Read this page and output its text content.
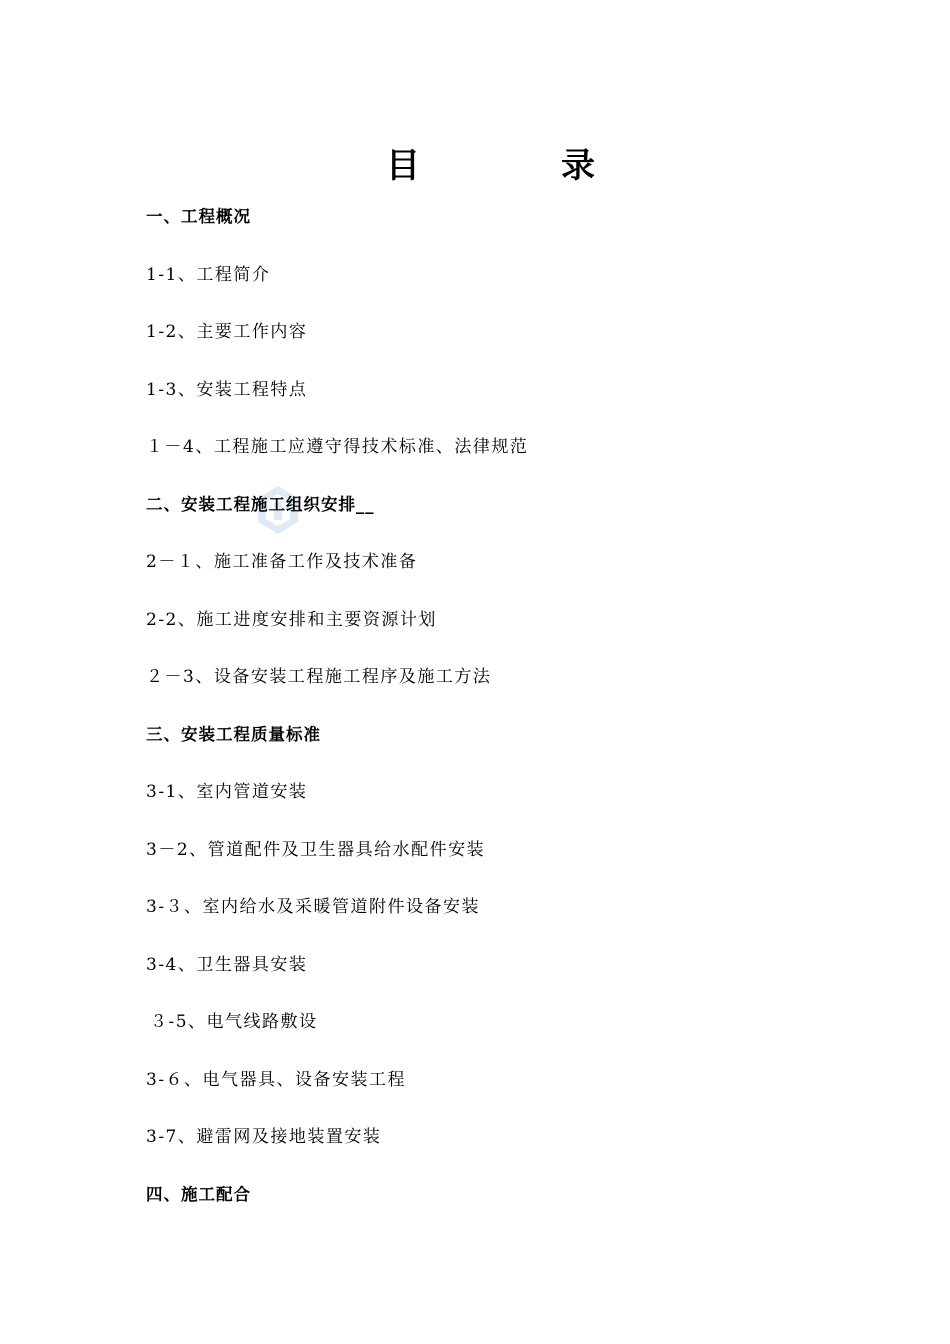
目	录
一、工程概况
1-1、工程简介
1-2、主要工作内容
1-3、安装工程特点
１－4、工程施工应遵守得技术标准、法律规范
二、安装工程施工组织安排__
2－１、施工准备工作及技术准备
2-2、施工进度安排和主要资源计划
２－3、设备安装工程施工程序及施工方法
三、安装工程质量标准
3-1、室内管道安装
3－2、管道配件及卫生器具给水配件安装
3-３、室内给水及采暖管道附件设备安装
3-4、卫生器具安装
３-5、电气线路敷设
3-６、电气器具、设备安装工程
3-7、避雷网及接地装置安装
四、施工配合
